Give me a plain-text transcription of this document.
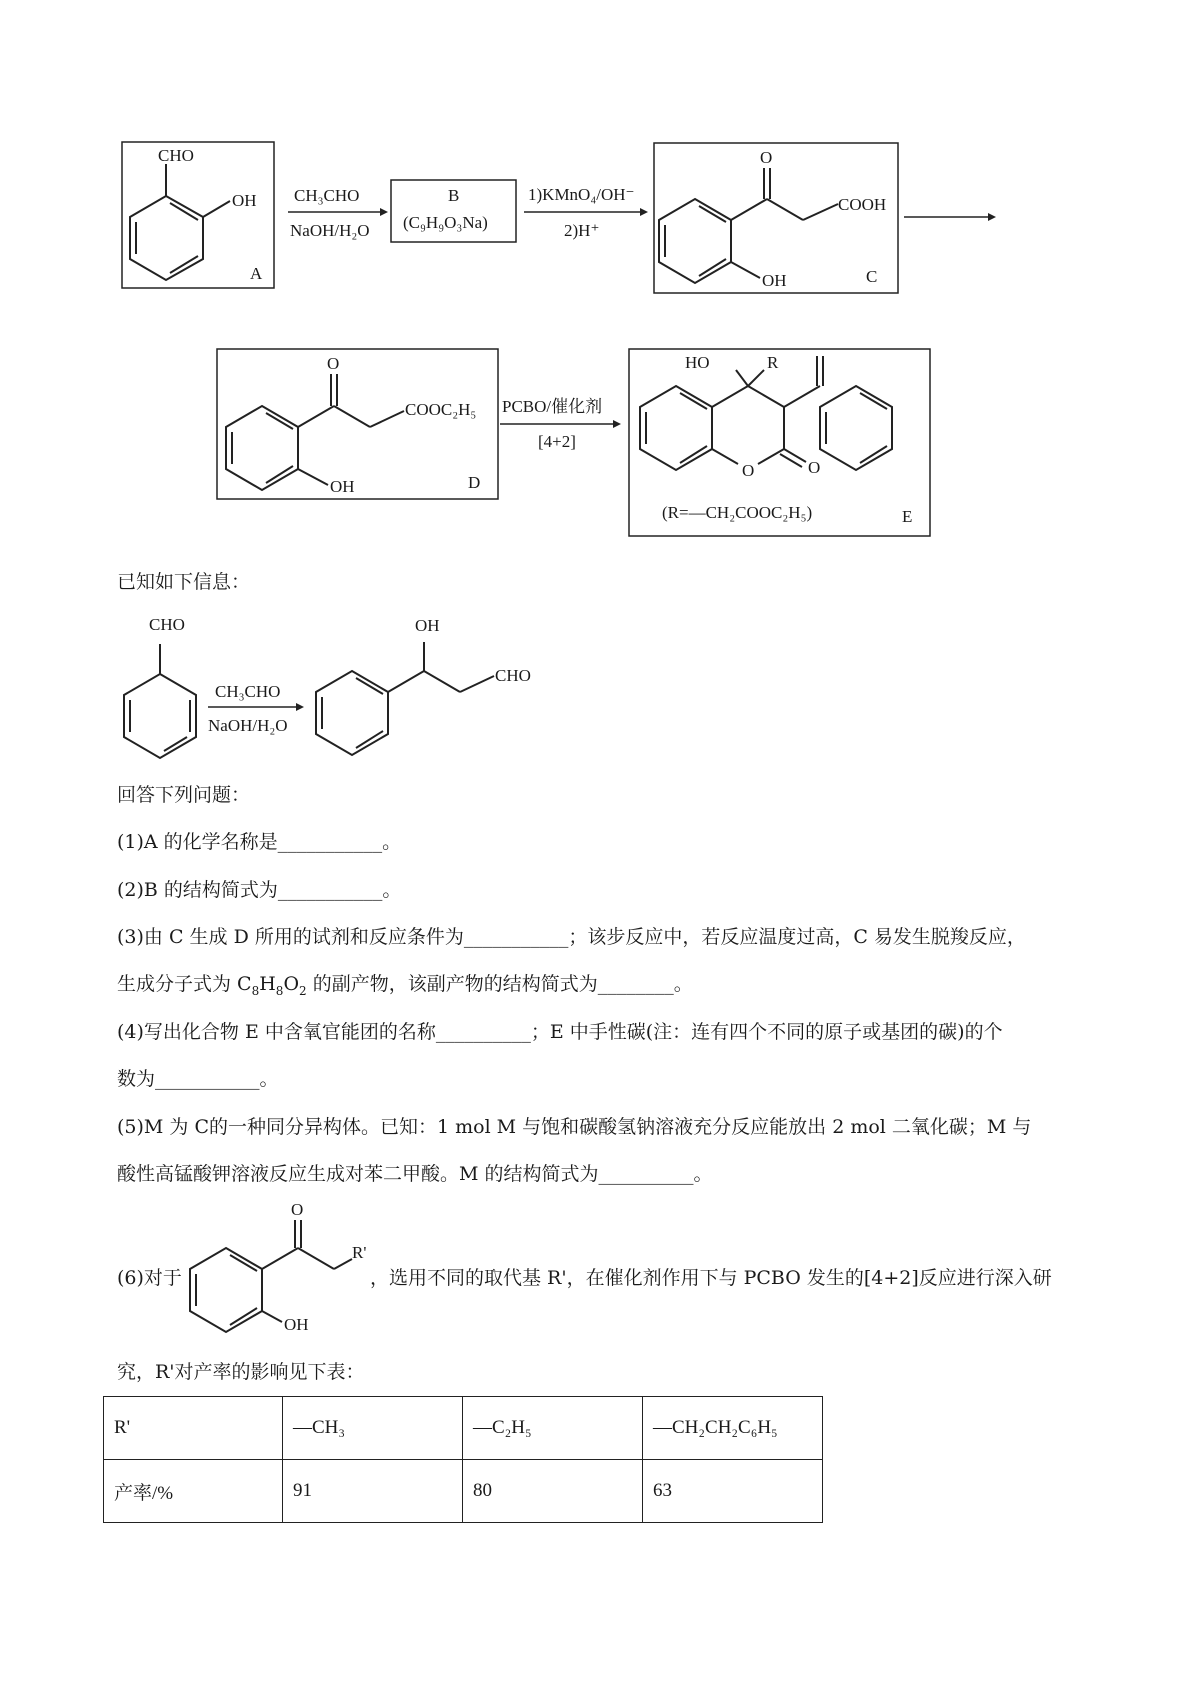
CHO
OH
A
CH₃CHO
NaOH/H₂O
B
(C₉H₉O₃Na)
1)KMnO₄/OH⁻
2)H⁺
O
COOH
OH	C
O
COOC₂H₅
OH	D
PCBO/催化剂
[4+2]
HO	R
O	O
(R=—CH₂COOC₂H₅)	E
已知如下信息：
CHO
CH₃CHO
NaOH/H₂O
OH
CHO
回答下列问题：
(1)A 的化学名称是___________。
(2)B 的结构简式为___________。
(3)由 C 生成 D 所用的试剂和反应条件为___________；该步反应中，若反应温度过高，C 易发生脱羧反应，
生成分子式为 $C_8H_8O_2$ 的副产物，该副产物的结构简式为________。
(4)写出化合物 E 中含氧官能团的名称__________；E 中手性碳(注：连有四个不同的原子或基团的碳)的个
数为___________。
(5)M 为 C的一种同分异构体。已知：1 mol M 与饱和碳酸氢钠溶液充分反应能放出 2 mol 二氧化碳；M 与
酸性高锰酸钾溶液反应生成对苯二甲酸。M 的结构简式为__________。
(6)对于
O
R'
OH
，选用不同的取代基 R'，在催化剂作用下与 PCBO 发生的[4+2]反应进行深入研
究，R'对产率的影响见下表：
R'	—CH₃	—C₂H₅	—CH₂CH₂C₆H₅
产率/%	91	80	63
